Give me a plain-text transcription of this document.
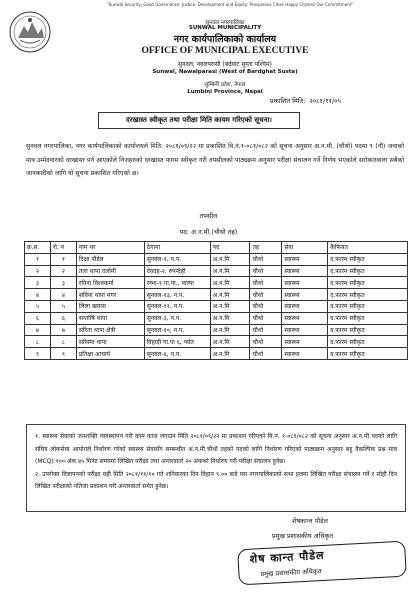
"Sunwal Security, Good Governance, Justice, Development and Equity: Prosperous Cities Happy Citizens Our Commitment"
सुनवल नगरपालिका
SUNWAL MUNICIPALITY
नगर कार्यपालिकाको कार्यालय
OFFICE OF MUNICIPAL EXECUTIVE
सुनवल, नवलपरासी (बर्दघाट सुस्ता पश्चिम)
Sunwal, Nawalparasi (West of Bardghat Susta)
लुम्बिनी प्रदेश, नेपाल
Lumbini Province, Nepal
प्रकाशित मिति: २०८१/११/०५
दरखास्त स्वीकृत तथा परीक्षा मिति कायम गरिएको सूचना।
सुनवल नगरपालिका, नगर कार्यपालिकाको कार्यालयले मिति: २०८१/०९/२२ मा प्रकाशित वि.नं.१-०८१/०८२ को सूचना अनुसार अ.न.मी. (चौथो) पदमा ९ (नौ) जनाको मात्र उम्मेदवारको दरखास्त पर्न आएकोले निजहरुको दरखास्त फारम स्वीकृत गरी तपसीलको पाठ्यक्रम अनुसार परीक्षा संचालन गर्ने निर्णय भएकोले सरोकारवाला सबैको जानकारीको लागि यो सूचना प्रकाशित गरिएको छ।
तपसील
पद: अ.न.मी.(चौथो तह)
क्र.स.	रो. न	नाम थर	ठेगाना	पद	तह	सेवा	कैफियत
१	१	दिक्षा पौडेल	सुनवल-१, न.प.	अ.न.मि	चौथो	स्वास्थ्य	द.फारम स्वीकृत
२	२	तारा थापा दर्लामी	देवदह-२, रुपन्देही	अ.न.मि	चौथो	स्वास्थ्य	द.फारम स्वीकृत
३	३	रविना विश्वकर्मा	रम्भा-१ गा.पा., पाल्पा	अ.न.मि	चौथो	स्वास्थ्य	द.फारम स्वीकृत
४	४	सविना थापा मगर	सुनवल-१३, न.प.	अ.न.मि	चौथो	स्वास्थ्य	द.फारम स्वीकृत
५	५	लिला खवास	सुनवल-११, न.प.	अ.न.मि	चौथो	स्वास्थ्य	द.फारम स्वीकृत
६	६	सन्तोषि थापा	सुनवल-३, न.प.	अ.न.मि	चौथो	स्वास्थ्य	द.फारम स्वीकृत
७	७	सरिता थापा क्षेत्री	सुनवल-१०, न.प.	अ.न.मि	चौथो	स्वास्थ्य	द.फारम स्वीकृत
८	८	सरिस्मा थापा	विहादी गा.पा ६, पर्वत	अ.न.मि	चौथो	स्वास्थ्य	द.फारम स्वीकृत
९	९	प्रतिक्षा आचार्य	सुनवल-६, न.प.	अ.न.मि	चौथो	स्वास्थ्य	द.फारम स्वीकृत

१. स्वास्थ्य सेवाको जनशक्ति व्यवस्थापन गरी काम काज लगाउन मिति २०८१/०९/२२ मा प्रकाशन गरिएको वि.नं. १-०८१/०८२ को सूचना अनुसार अ.न.मी पदको लागि संघिय लोकसेवा आयोगले निर्धारण गरेको स्वास्थ्य सेवासँग सम्बन्धीत अ.न.मी.चौथो तहको पदको लागि निर्धारण गरिएको पाठ्यक्रम अनुसार बहु वैकल्पिक प्रश्न मात्र (MCQ) १०० अंक ४५ मिनेट समयमा लिखित परीक्षा तथा अन्तरवार्ता २० अंकको निर्धारण गरी परीक्षा संचालन हुनेछ।

२. उपरोक्त विज्ञापनको परीक्षा यही मिति २०८१/११/१० गते शनिवारका दिन विहान ९.०० बजे यस नगरपालिकाको सभा हलमा लिखित परीक्षा संचालन गर्ने र सोही दिन लिखित परीक्षाको नतिजा प्रकाशन गरी अन्तरवार्ता समेत हुनेछ।

शेषकान्त पौडेल
प्रमुख प्रशासकीय अधिकृत
शेष कान्त पौडेल
प्रमुख प्रशासकीय अधिकृत
